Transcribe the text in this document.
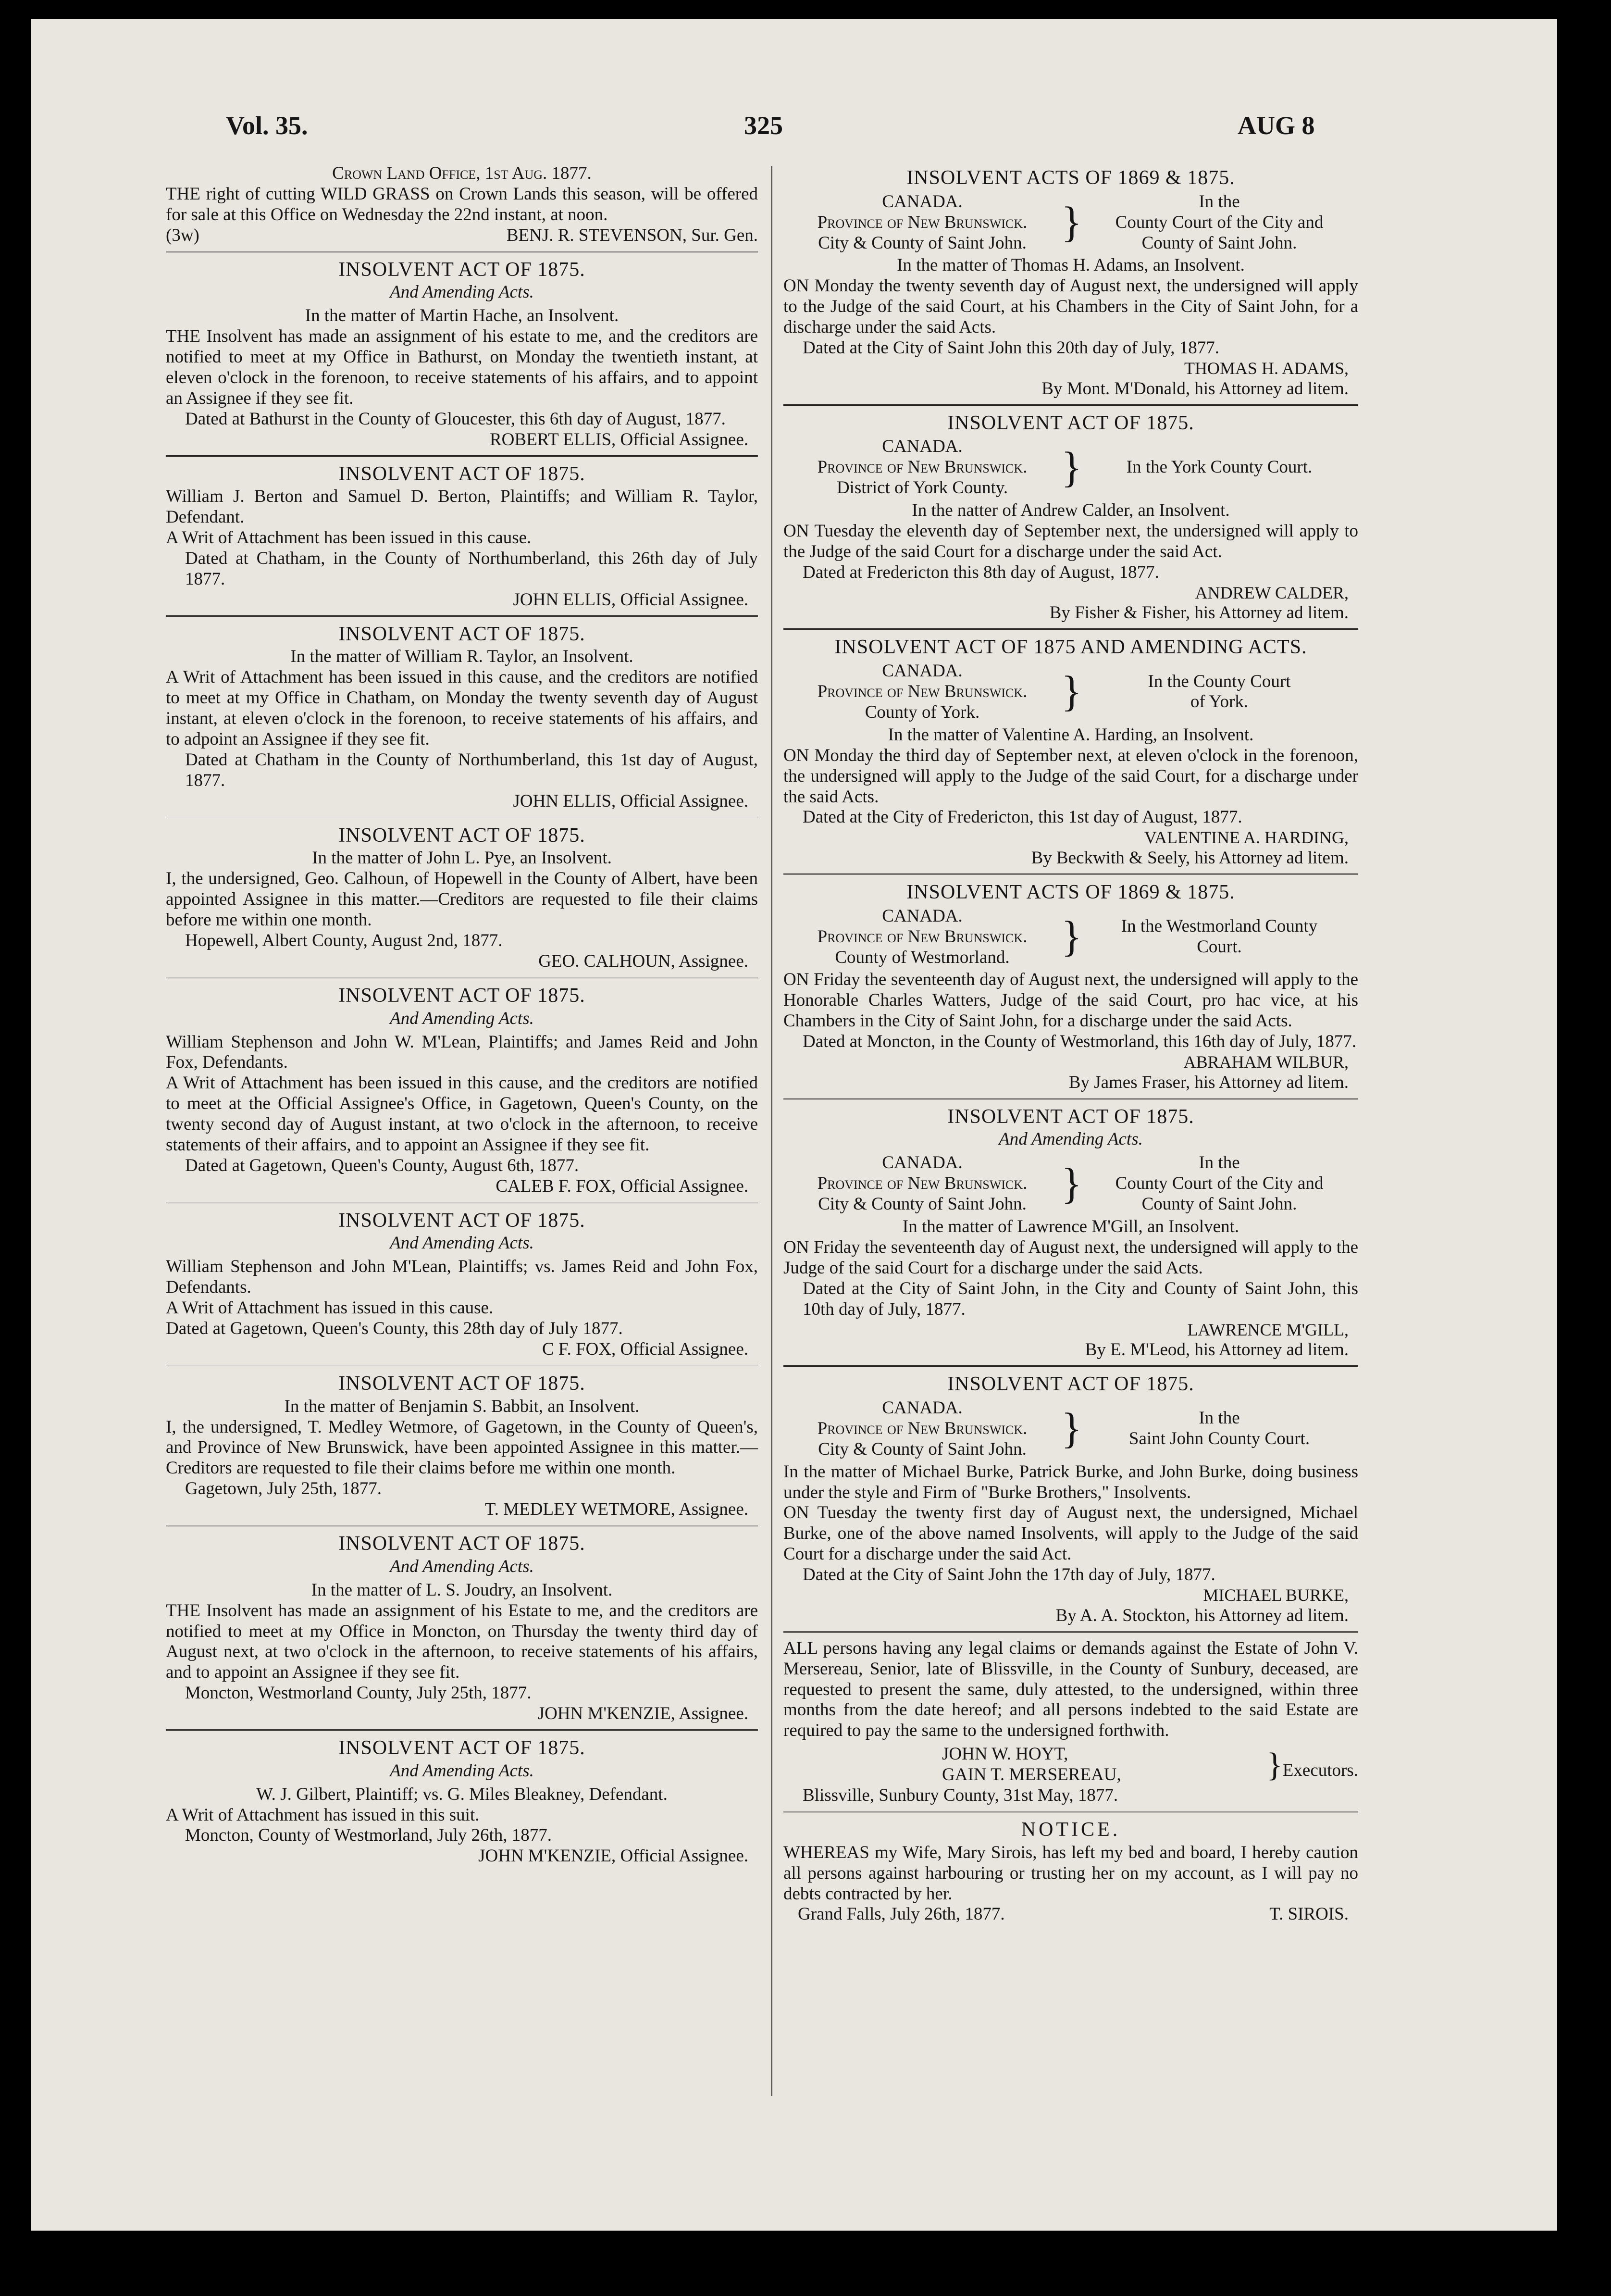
Vol. 35.	325	AUG 8
Crown Land Office, 1st Aug. 1877.
THE right of cutting WILD GRASS on Crown Lands this season, will be offered for sale at this Office on Wednesday the 22nd instant, at noon.
(3w)	BENJ. R. STEVENSON, Sur. Gen.
INSOLVENT ACT OF 1875.
And Amending Acts.
In the matter of Martin Hache, an Insolvent.
THE Insolvent has made an assignment of his estate to me, and the creditors are notified to meet at my Office in Bathurst, on Monday the twentieth instant, at eleven o'clock in the forenoon, to receive statements of his affairs, and to appoint an Assignee if they see fit.
Dated at Bathurst in the County of Gloucester, this 6th day of August, 1877.
ROBERT ELLIS, Official Assignee.
INSOLVENT ACT OF 1875.
William J. Berton and Samuel D. Berton, Plaintiffs; and William R. Taylor, Defendant.
A Writ of Attachment has been issued in this cause.
Dated at Chatham, in the County of Northumberland, this 26th day of July 1877.
JOHN ELLIS, Official Assignee.
INSOLVENT ACT OF 1875.
In the matter of William R. Taylor, an Insolvent.
A Writ of Attachment has been issued in this cause, and the creditors are notified to meet at my Office in Chatham, on Monday the twenty seventh day of August instant, at eleven o'clock in the forenoon, to receive statements of his affairs, and to adpoint an Assignee if they see fit.
Dated at Chatham in the County of Northumberland, this 1st day of August, 1877.
JOHN ELLIS, Official Assignee.
INSOLVENT ACT OF 1875.
In the matter of John L. Pye, an Insolvent.
I, the undersigned, Geo. Calhoun, of Hopewell in the County of Albert, have been appointed Assignee in this matter.—Creditors are requested to file their claims before me within one month.
Hopewell, Albert County, August 2nd, 1877.
GEO. CALHOUN, Assignee.
INSOLVENT ACT OF 1875.
And Amending Acts.
William Stephenson and John W. M'Lean, Plaintiffs; and James Reid and John Fox, Defendants.
A Writ of Attachment has been issued in this cause, and the creditors are notified to meet at the Official Assignee's Office, in Gagetown, Queen's County, on the twenty second day of August instant, at two o'clock in the afternoon, to receive statements of their affairs, and to appoint an Assignee if they see fit.
Dated at Gagetown, Queen's County, August 6th, 1877.
CALEB F. FOX, Official Assignee.
INSOLVENT ACT OF 1875.
And Amending Acts.
William Stephenson and John M'Lean, Plaintiffs; vs. James Reid and John Fox, Defendants.
A Writ of Attachment has issued in this cause.
Dated at Gagetown, Queen's County, this 28th day of July 1877.
C F. FOX, Official Assignee.
INSOLVENT ACT OF 1875.
In the matter of Benjamin S. Babbit, an Insolvent.
I, the undersigned, T. Medley Wetmore, of Gagetown, in the County of Queen's, and Province of New Brunswick, have been appointed Assignee in this matter.—Creditors are requested to file their claims before me within one month.
Gagetown, July 25th, 1877.
T. MEDLEY WETMORE, Assignee.
INSOLVENT ACT OF 1875.
And Amending Acts.
In the matter of L. S. Joudry, an Insolvent.
THE Insolvent has made an assignment of his Estate to me, and the creditors are notified to meet at my Office in Moncton, on Thursday the twenty third day of August next, at two o'clock in the afternoon, to receive statements of his affairs, and to appoint an Assignee if they see fit.
Moncton, Westmorland County, July 25th, 1877.
JOHN M'KENZIE, Assignee.
INSOLVENT ACT OF 1875.
And Amending Acts.
W. J. Gilbert, Plaintiff; vs. G. Miles Bleakney, Defendant.
A Writ of Attachment has issued in this suit.
Moncton, County of Westmorland, July 26th, 1877.
JOHN M'KENZIE, Official Assignee.
INSOLVENT ACTS OF 1869 & 1875.
CANADA.
Province of New Brunswick.
City & County of Saint John. }	In the
County Court of the City and
County of Saint John.
In the matter of Thomas H. Adams, an Insolvent.
ON Monday the twenty seventh day of August next, the undersigned will apply to the Judge of the said Court, at his Chambers in the City of Saint John, for a discharge under the said Acts.
Dated at the City of Saint John this 20th day of July, 1877.
THOMAS H. ADAMS,
By Mont. M'Donald, his Attorney ad litem.
INSOLVENT ACT OF 1875.
CANADA.
Province of New Brunswick.
District of York County.	}	In the York County Court.
In the natter of Andrew Calder, an Insolvent.
ON Tuesday the eleventh day of September next, the undersigned will apply to the Judge of the said Court for a discharge under the said Act.
Dated at Fredericton this 8th day of August, 1877.
ANDREW CALDER,
By Fisher & Fisher, his Attorney ad litem.
INSOLVENT ACT OF 1875 AND AMENDING ACTS.
CANADA.
Province of New Brunswick.
County of York.	}	In the County Court
of York.
In the matter of Valentine A. Harding, an Insolvent.
ON Monday the third day of September next, at eleven o'clock in the forenoon, the undersigned will apply to the Judge of the said Court, for a discharge under the said Acts.
Dated at the City of Fredericton, this 1st day of August, 1877.
VALENTINE A. HARDING,
By Beckwith & Seely, his Attorney ad litem.
INSOLVENT ACTS OF 1869 & 1875.
CANADA.
Province of New Brunswick.
County of Westmorland.	}	In the Westmorland County
Court.
ON Friday the seventeenth day of August next, the undersigned will apply to the Honorable Charles Watters, Judge of the said Court, pro hac vice, at his Chambers in the City of Saint John, for a discharge under the said Acts.
Dated at Moncton, in the County of Westmorland, this 16th day of July, 1877.
ABRAHAM WILBUR,
By James Fraser, his Attorney ad litem.
INSOLVENT ACT OF 1875.
And Amending Acts.
CANADA.
Province of New Brunswick.
City & County of Saint John. }	In the
County Court of the City and
County of Saint John.
In the matter of Lawrence M'Gill, an Insolvent.
ON Friday the seventeenth day of August next, the undersigned will apply to the Judge of the said Court for a discharge under the said Acts.
Dated at the City of Saint John, in the City and County of Saint John, this 10th day of July, 1877.
LAWRENCE M'GILL,
By E. M'Leod, his Attorney ad litem.
INSOLVENT ACT OF 1875.
CANADA.
Province of New Brunswick.
City & County of Saint John. }	In the
Saint John County Court.
In the matter of Michael Burke, Patrick Burke, and John Burke, doing business under the style and Firm of "Burke Brothers," Insolvents.
ON Tuesday the twenty first day of August next, the undersigned, Michael Burke, one of the above named Insolvents, will apply to the Judge of the said Court for a discharge under the said Act.
Dated at the City of Saint John the 17th day of July, 1877.
MICHAEL BURKE,
By A. A. Stockton, his Attorney ad litem.
ALL persons having any legal claims or demands against the Estate of John V. Mersereau, Senior, late of Blissville, in the County of Sunbury, deceased, are requested to present the same, duly attested, to the undersigned, within three months from the date hereof; and all persons indebted to the said Estate are required to pay the same to the undersigned forthwith.
JOHN W. HOYT,
GAIN T. MERSEREAU,	}Executors.
Blissville, Sunbury County, 31st May, 1877.
NOTICE.
WHEREAS my Wife, Mary Sirois, has left my bed and board, I hereby caution all persons against harbouring or trusting her on my account, as I will pay no debts contracted by her.
Grand Falls, July 26th, 1877.	T. SIROIS.
